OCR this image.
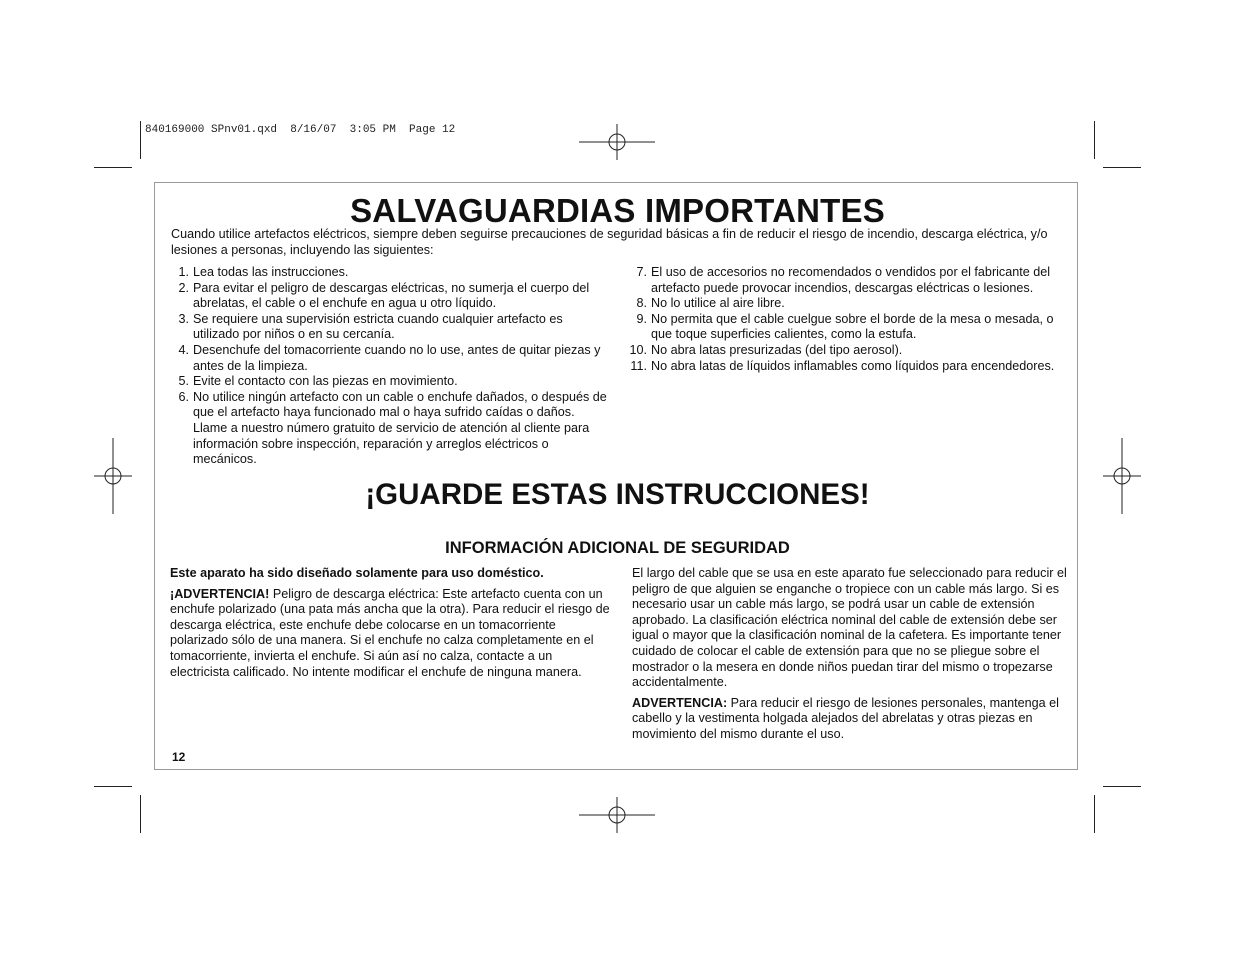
840169000 SPnv01.qxd  8/16/07  3:05 PM  Page 12
SALVAGUARDIAS IMPORTANTES
Cuando utilice artefactos eléctricos, siempre deben seguirse precauciones de seguridad básicas a fin de reducir el riesgo de incendio, descarga eléctrica, y/o lesiones a personas, incluyendo las siguientes:
1. Lea todas las instrucciones.
2. Para evitar el peligro de descargas eléctricas, no sumerja el cuerpo del abrelatas, el cable o el enchufe en agua u otro líquido.
3. Se requiere una supervisión estricta cuando cualquier artefacto es utilizado por niños o en su cercanía.
4. Desenchufe del tomacorriente cuando no lo use, antes de quitar piezas y antes de la limpieza.
5. Evite el contacto con las piezas en movimiento.
6. No utilice ningún artefacto con un cable o enchufe dañados, o después de que el artefacto haya funcionado mal o haya sufrido caídas o daños. Llame a nuestro número gratuito de servicio de atención al cliente para información sobre inspección, reparación y arreglos eléctricos o mecánicos.
7. El uso de accesorios no recomendados o vendidos por el fabricante del artefacto puede provocar incendios, descargas eléctricas o lesiones.
8. No lo utilice al aire libre.
9. No permita que el cable cuelgue sobre el borde de la mesa o mesada, o que toque superficies calientes, como la estufa.
10. No abra latas presurizadas (del tipo aerosol).
11. No abra latas de líquidos inflamables como líquidos para encendedores.
¡GUARDE ESTAS INSTRUCCIONES!
INFORMACIÓN ADICIONAL DE SEGURIDAD

Este aparato ha sido diseñado solamente para uso doméstico.

¡ADVERTENCIA! Peligro de descarga eléctrica: Este artefacto cuenta con un enchufe polarizado (una pata más ancha que la otra). Para reducir el riesgo de descarga eléctrica, este enchufe debe colocarse en un tomacorriente polarizado sólo de una manera. Si el enchufe no calza completamente en el tomacorriente, invierta el enchufe. Si aún así no calza, contacte a un electricista calificado. No intente modificar el enchufe de ninguna manera.

El largo del cable que se usa en este aparato fue seleccionado para reducir el peligro de que alguien se enganche o tropiece con un cable más largo. Si es necesario usar un cable más largo, se podrá usar un cable de extensión aprobado. La clasificación eléctrica nominal del cable de extensión debe ser igual o mayor que la clasificación nominal de la cafetera. Es importante tener cuidado de colocar el cable de extensión para que no se pliegue sobre el mostrador o la mesera en donde niños puedan tirar del mismo o tropezarse accidentalmente.

ADVERTENCIA: Para reducir el riesgo de lesiones personales, mantenga el cabello y la vestimenta holgada alejados del abrelatas y otras piezas en movimiento del mismo durante el uso.

12
